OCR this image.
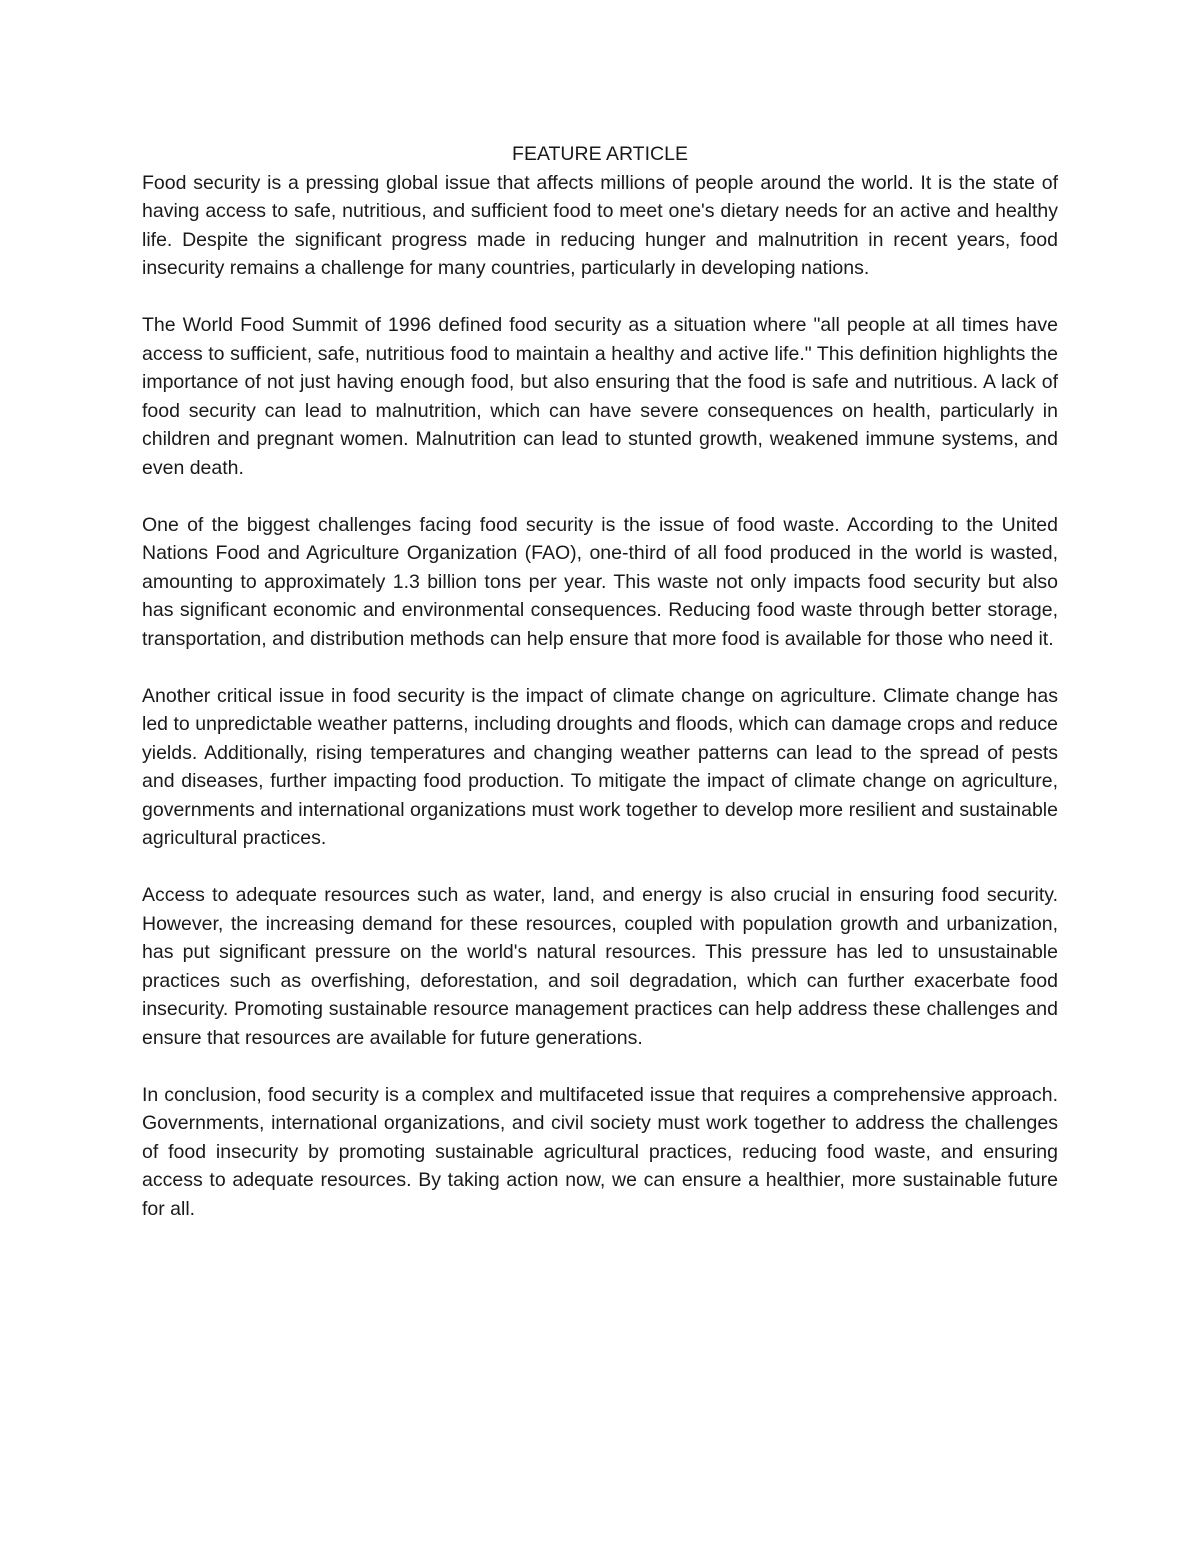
FEATURE ARTICLE

Food security is a pressing global issue that affects millions of people around the world. It is the state of having access to safe, nutritious, and sufficient food to meet one's dietary needs for an active and healthy life. Despite the significant progress made in reducing hunger and malnutrition in recent years, food insecurity remains a challenge for many countries, particularly in developing nations.

The World Food Summit of 1996 defined food security as a situation where "all people at all times have access to sufficient, safe, nutritious food to maintain a healthy and active life." This definition highlights the importance of not just having enough food, but also ensuring that the food is safe and nutritious. A lack of food security can lead to malnutrition, which can have severe consequences on health, particularly in children and pregnant women. Malnutrition can lead to stunted growth, weakened immune systems, and even death.

One of the biggest challenges facing food security is the issue of food waste. According to the United Nations Food and Agriculture Organization (FAO), one-third of all food produced in the world is wasted, amounting to approximately 1.3 billion tons per year. This waste not only impacts food security but also has significant economic and environmental consequences. Reducing food waste through better storage, transportation, and distribution methods can help ensure that more food is available for those who need it.

Another critical issue in food security is the impact of climate change on agriculture. Climate change has led to unpredictable weather patterns, including droughts and floods, which can damage crops and reduce yields. Additionally, rising temperatures and changing weather patterns can lead to the spread of pests and diseases, further impacting food production. To mitigate the impact of climate change on agriculture, governments and international organizations must work together to develop more resilient and sustainable agricultural practices.

Access to adequate resources such as water, land, and energy is also crucial in ensuring food security. However, the increasing demand for these resources, coupled with population growth and urbanization, has put significant pressure on the world's natural resources. This pressure has led to unsustainable practices such as overfishing, deforestation, and soil degradation, which can further exacerbate food insecurity. Promoting sustainable resource management practices can help address these challenges and ensure that resources are available for future generations.

In conclusion, food security is a complex and multifaceted issue that requires a comprehensive approach. Governments, international organizations, and civil society must work together to address the challenges of food insecurity by promoting sustainable agricultural practices, reducing food waste, and ensuring access to adequate resources. By taking action now, we can ensure a healthier, more sustainable future for all.
